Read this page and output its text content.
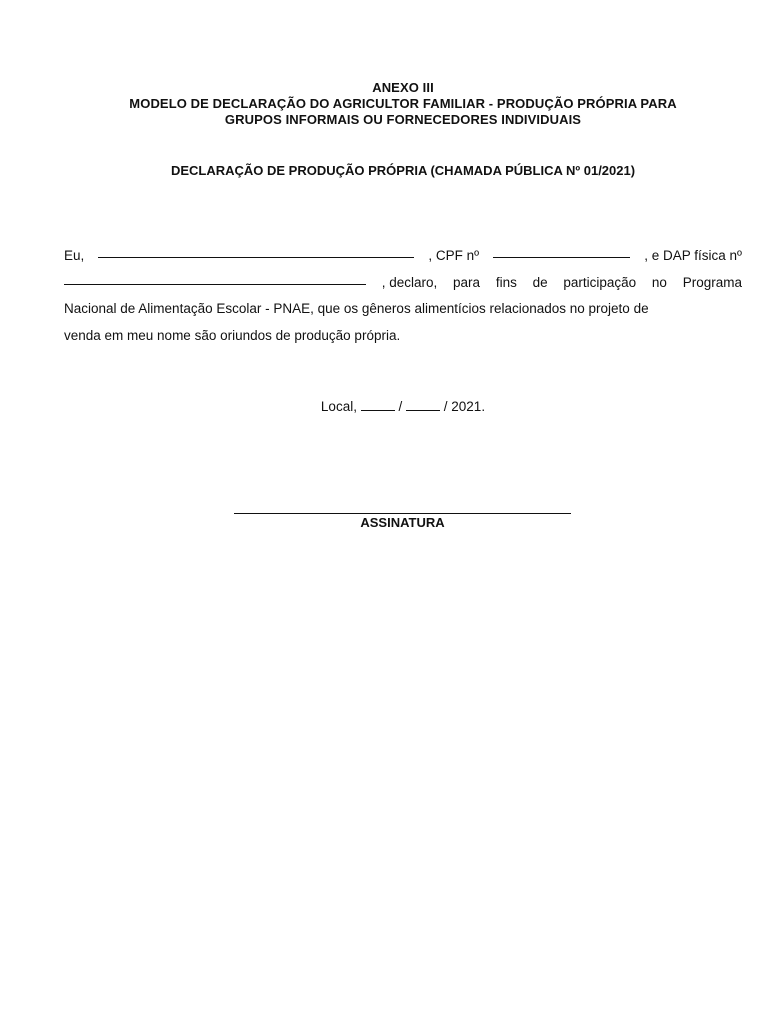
ANEXO III
MODELO DE DECLARAÇÃO DO AGRICULTOR FAMILIAR - PRODUÇÃO PRÓPRIA PARA
GRUPOS INFORMAIS OU FORNECEDORES INDIVIDUAIS
DECLARAÇÃO DE PRODUÇÃO PRÓPRIA (CHAMADA PÚBLICA Nº 01/2021)
Eu,	, CPF nº	, e DAP física nº
, declaro, para fins de participação no Programa
Nacional de Alimentação Escolar - PNAE, que os gêneros alimentícios relacionados no projeto de
venda em meu nome são oriundos de produção própria.
Local,	/	/ 2021.
ASSINATURA
